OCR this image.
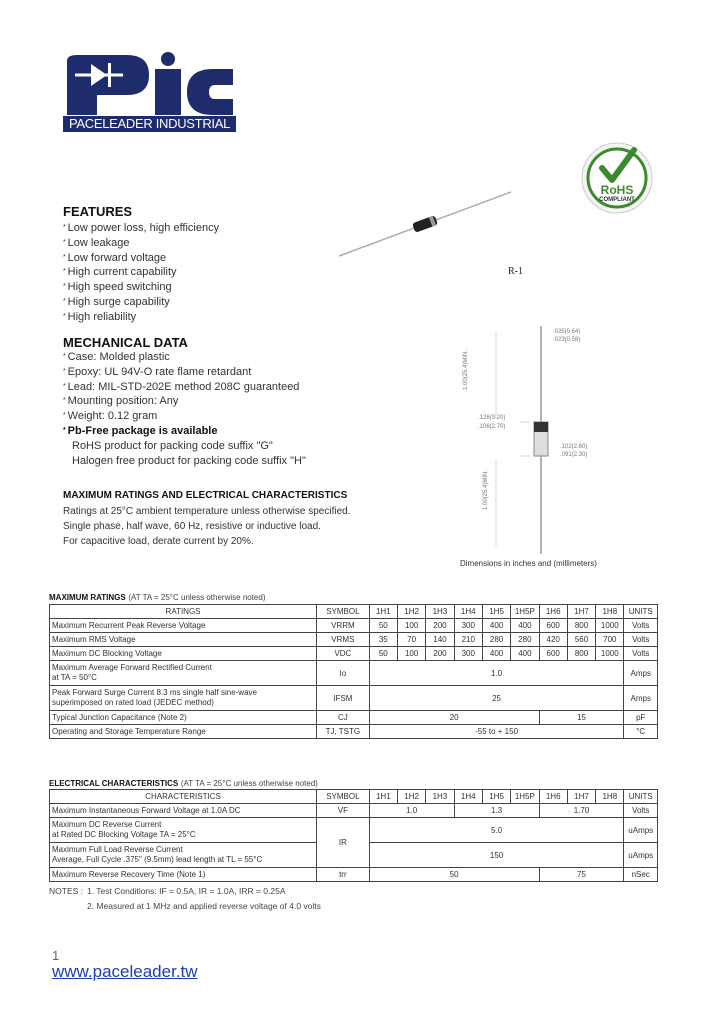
PACELEADER INDUSTRIAL
RoHS
COMPLIANT
R-1
FEATURES
* Low power loss, high efficiency
* Low leakage
* Low forward voltage
* High current capability
* High speed switching
* High surge capability
* High reliability
MECHANICAL DATA
* Case: Molded plastic
* Epoxy: UL 94V-O rate flame retardant
* Lead: MIL-STD-202E method 208C guaranteed
* Mounting position: Any
* Weight: 0.12 gram
* Pb-Free package is available
RoHS product for packing code suffix "G"
Halogen free product for packing code suffix "H"
.025(0.64)
.023(0.58)
1.00(25.4)MIN.
.126(3.20)
.106(2.70)
.102(2.60)
.091(2.30)
1.00(25.4)MIN.
Dimensions in inches and (millimeters)
MAXIMUM RATINGS AND ELECTRICAL CHARACTERISTICS
Ratings at 25°C ambient temperature unless otherwise specified.
Single phase, half wave, 60 Hz, resistive or inductive load.
For capacitive load, derate current by 20%.
MAXIMUM RATINGS (AT TA = 25°C unless otherwise noted)
RATINGS	SYMBOL	1H1	1H2	1H3	1H4	1H5	1H5P	1H6	1H7	1H8	UNITS
Maximum Recurrent Peak Reverse Voltage	VRRM	50	100	200	300	400	400	600	800	1000	Volts
Maximum RMS Voltage	VRMS	35	70	140	210	280	280	420	560	700	Volts
Maximum DC Blocking Voltage	VDC	50	100	200	300	400	400	600	800	1000	Volts

Maximum Average Forward Rectified Current
at TA = 50°C	Io	1.0									Amps

Peak Forward Surge Current 8.3 ms single half sine-wave
superimposed on rated load (JEDEC method)	IFSM	25									Amps
Typical Junction Capacitance (Note 2)	CJ	20						15			pF
Operating and Storage Temperature Range	TJ, TSTG	-55 to + 150									°C
ELECTRICAL CHARACTERISTICS (AT TA = 25°C unless otherwise noted)
CHARACTERISTICS	SYMBOL	1H1	1H2	1H3	1H4	1H5	1H5P	1H6	1H7	1H8	UNITS
Maximum Instantaneous Forward Voltage at 1.0A DC	VF	1.0			1.3			1.70			Volts

Maximum DC Reverse Current
at Rated DC Blocking Voltage TA = 25°C	IR	5.0									uAmps

Maximum Full Load Reverse Current
Average, Full Cycle .375" (9.5mm) lead length at TL = 55°C		150									uAmps
Maximum Reverse Recovery Time (Note 1)	trr	50						75			nSec
NOTES : 1. Test Conditions: IF = 0.5A, IR = 1.0A, IRR = 0.25A
2. Measured at 1 MHz and applied reverse voltage of 4.0 volts
1
www.paceleader.tw
